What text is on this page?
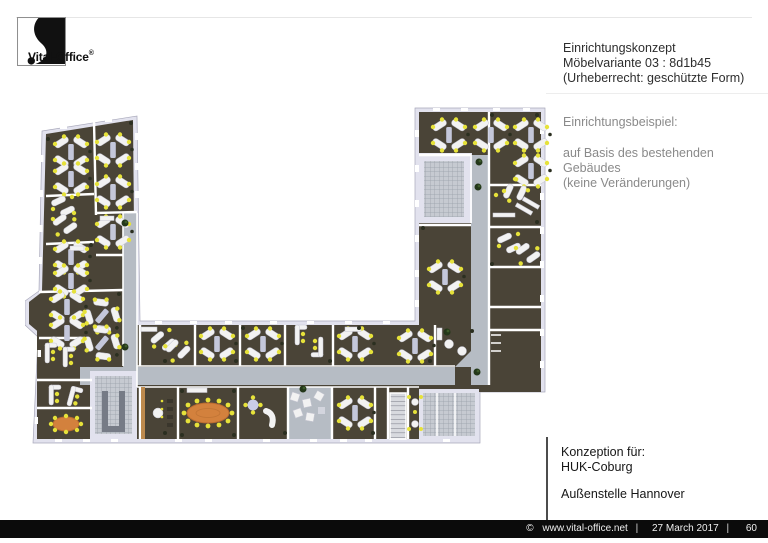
Vital-Office®	Einrichtungskonzept
Möbelvariante 03 : 8d1b45
(Urheberrecht: geschützte Form)
Einrichtungsbeispiel:
auf Basis des bestehenden Gebäudes
(keine Veränderungen)
Konzeption für:
HUK-Coburg
Außenstelle Hannover
© www.vital-office.net | 27 March 2017 | 60
